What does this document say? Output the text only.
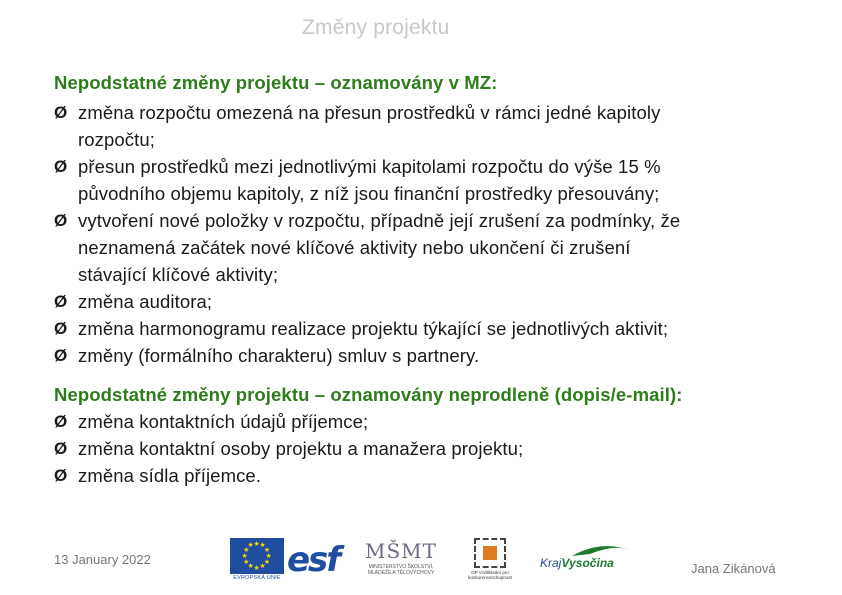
Změny projektu
Nepodstatné změny projektu – oznamovány v MZ:
Ø změna rozpočtu omezená na přesun prostředků v rámci jedné kapitoly
rozpočtu;
Ø přesun prostředků mezi jednotlivými kapitolami rozpočtu do výše 15 %
původního objemu kapitoly, z níž jsou finanční prostředky přesouvány;
Ø vytvoření nové položky v rozpočtu, případně její zrušení za podmínky, že
neznamená začátek nové klíčové aktivity nebo ukončení či zrušení
stávající klíčové aktivity;
Ø změna auditora;
Ø změna harmonogramu realizace projektu týkající se jednotlivých aktivit;
Ø změny (formálního charakteru) smluv s partnery.
Nepodstatné změny projektu – oznamovány neprodleně (dopis/e-mail):
Ø změna kontaktních údajů příjemce;
Ø změna kontaktní osoby projektu a manažera projektu;
Ø změna sídla příjemce.
13 January 2022	★
★
★
★
★
★
★
★
★ ★ ★
★
EVROPSKÁ UNIE esf MŠMT
MINISTERSTVO ŠKOLSTVÍ, MLÁDEŽE A TĚLOVÝCHOVY	OP Vzdělávání pro konkurenceschopnost
KrajVysočina	Jana Zikánová
